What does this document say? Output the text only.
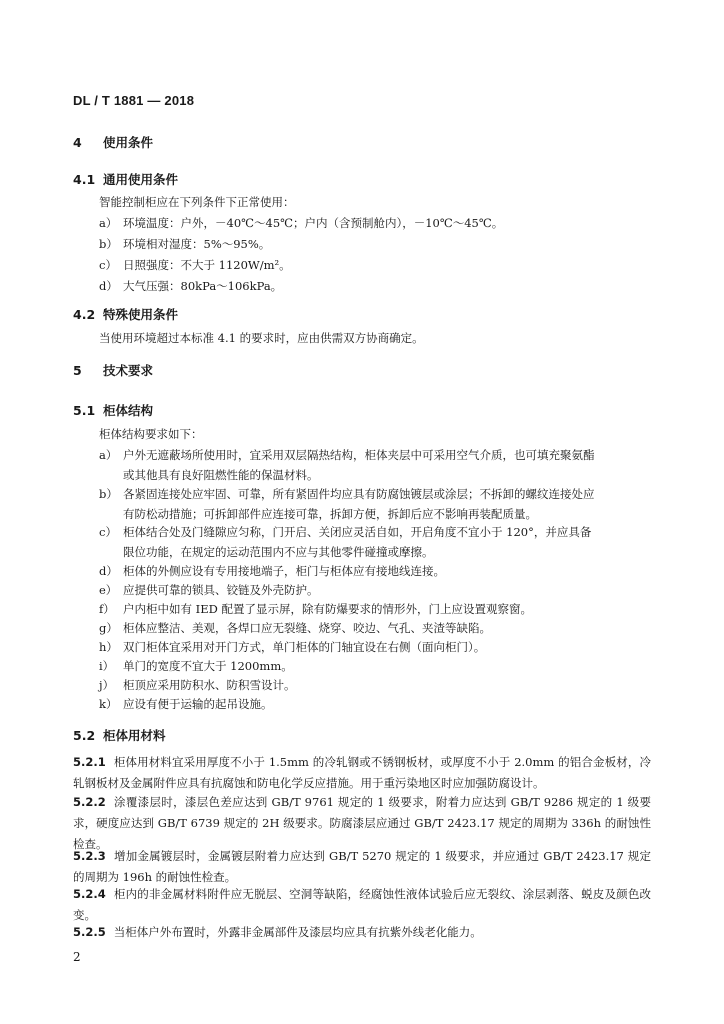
DL / T 1881 — 2018
4 使用条件
4.1 通用使用条件
智能控制柜应在下列条件下正常使用：
a） 环境温度：户外，－40℃～45℃；户内（含预制舱内），－10℃～45℃。
b） 环境相对湿度：5%～95%。
c） 日照强度：不大于 1120W/m²。
d） 大气压强：80kPa～106kPa。
4.2 特殊使用条件
当使用环境超过本标准 4.1 的要求时，应由供需双方协商确定。
5 技术要求
5.1 柜体结构
柜体结构要求如下：
a） 户外无遮蔽场所使用时，宜采用双层隔热结构，柜体夹层中可采用空气介质，也可填充聚氨酯
或其他具有良好阻燃性能的保温材料。
b） 各紧固连接处应牢固、可靠，所有紧固件均应具有防腐蚀镀层或涂层；不拆卸的螺纹连接处应
有防松动措施；可拆卸部件应连接可靠，拆卸方便，拆卸后应不影响再装配质量。
c） 柜体结合处及门缝隙应匀称，门开启、关闭应灵活自如，开启角度不宜小于 120°，并应具备
限位功能，在规定的运动范围内不应与其他零件碰撞或摩擦。
d） 柜体的外侧应设有专用接地端子，柜门与柜体应有接地线连接。
e） 应提供可靠的锁具、铰链及外壳防护。
f） 户内柜中如有 IED 配置了显示屏，除有防爆要求的情形外，门上应设置观察窗。
g） 柜体应整洁、美观，各焊口应无裂缝、烧穿、咬边、气孔、夹渣等缺陷。
h） 双门柜体宜采用对开门方式，单门柜体的门轴宜设在右侧（面向柜门）。
i） 单门的宽度不宜大于 1200mm。
j） 柜顶应采用防积水、防积雪设计。
k） 应设有便于运输的起吊设施。
5.2 柜体用材料
5.2.1 柜体用材料宜采用厚度不小于 1.5mm 的冷轧钢或不锈钢板材，或厚度不小于 2.0mm 的铝合金板材，冷轧钢板材及金属附件应具有抗腐蚀和防电化学反应措施。用于重污染地区时应加强防腐设计。
5.2.2 涂覆漆层时，漆层色差应达到 GB/T 9761 规定的 1 级要求，附着力应达到 GB/T 9286 规定的 1 级要求，硬度应达到 GB/T 6739 规定的 2H 级要求。防腐漆层应通过 GB/T 2423.17 规定的周期为 336h 的耐蚀性检查。
5.2.3 增加金属镀层时，金属镀层附着力应达到 GB/T 5270 规定的 1 级要求，并应通过 GB/T 2423.17 规定的周期为 196h 的耐蚀性检查。
5.2.4 柜内的非金属材料附件应无脱层、空洞等缺陷，经腐蚀性液体试验后应无裂纹、涂层剥落、蜕皮及颜色改变。
5.2.5 当柜体户外布置时，外露非金属部件及漆层均应具有抗紫外线老化能力。
2
